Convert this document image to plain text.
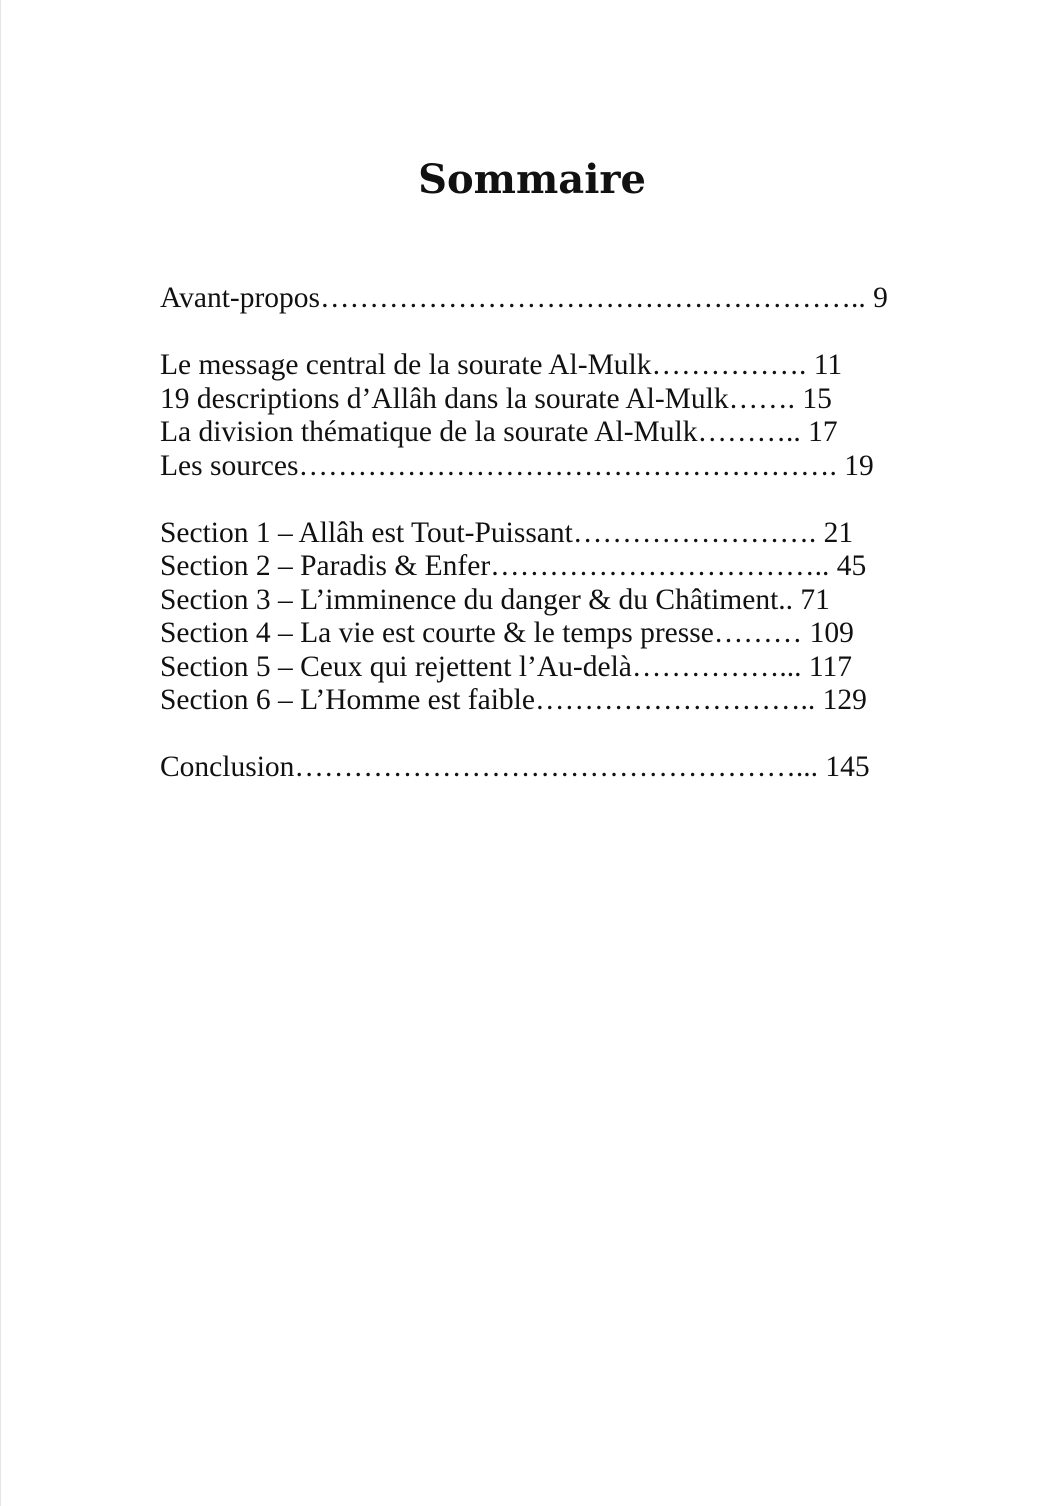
Sommaire
Avant-propos……………………………………………….. 9
Le message central de la sourate Al-Mulk……………. 11
19 descriptions d’Allâh dans la sourate Al-Mulk……. 15
La division thématique de la sourate Al-Mulk……….. 17
Les sources………………………………………………. 19
Section 1 – Allâh est Tout-Puissant……………………. 21
Section 2 – Paradis & Enfer…………………………….. 45
Section 3 – L’imminence du danger & du Châtiment.. 71
Section 4 – La vie est courte & le temps presse……… 109
Section 5 – Ceux qui rejettent l’Au-delà……………... 117
Section 6 – L’Homme est faible……………………….. 129
Conclusion……………………………………………... 145
